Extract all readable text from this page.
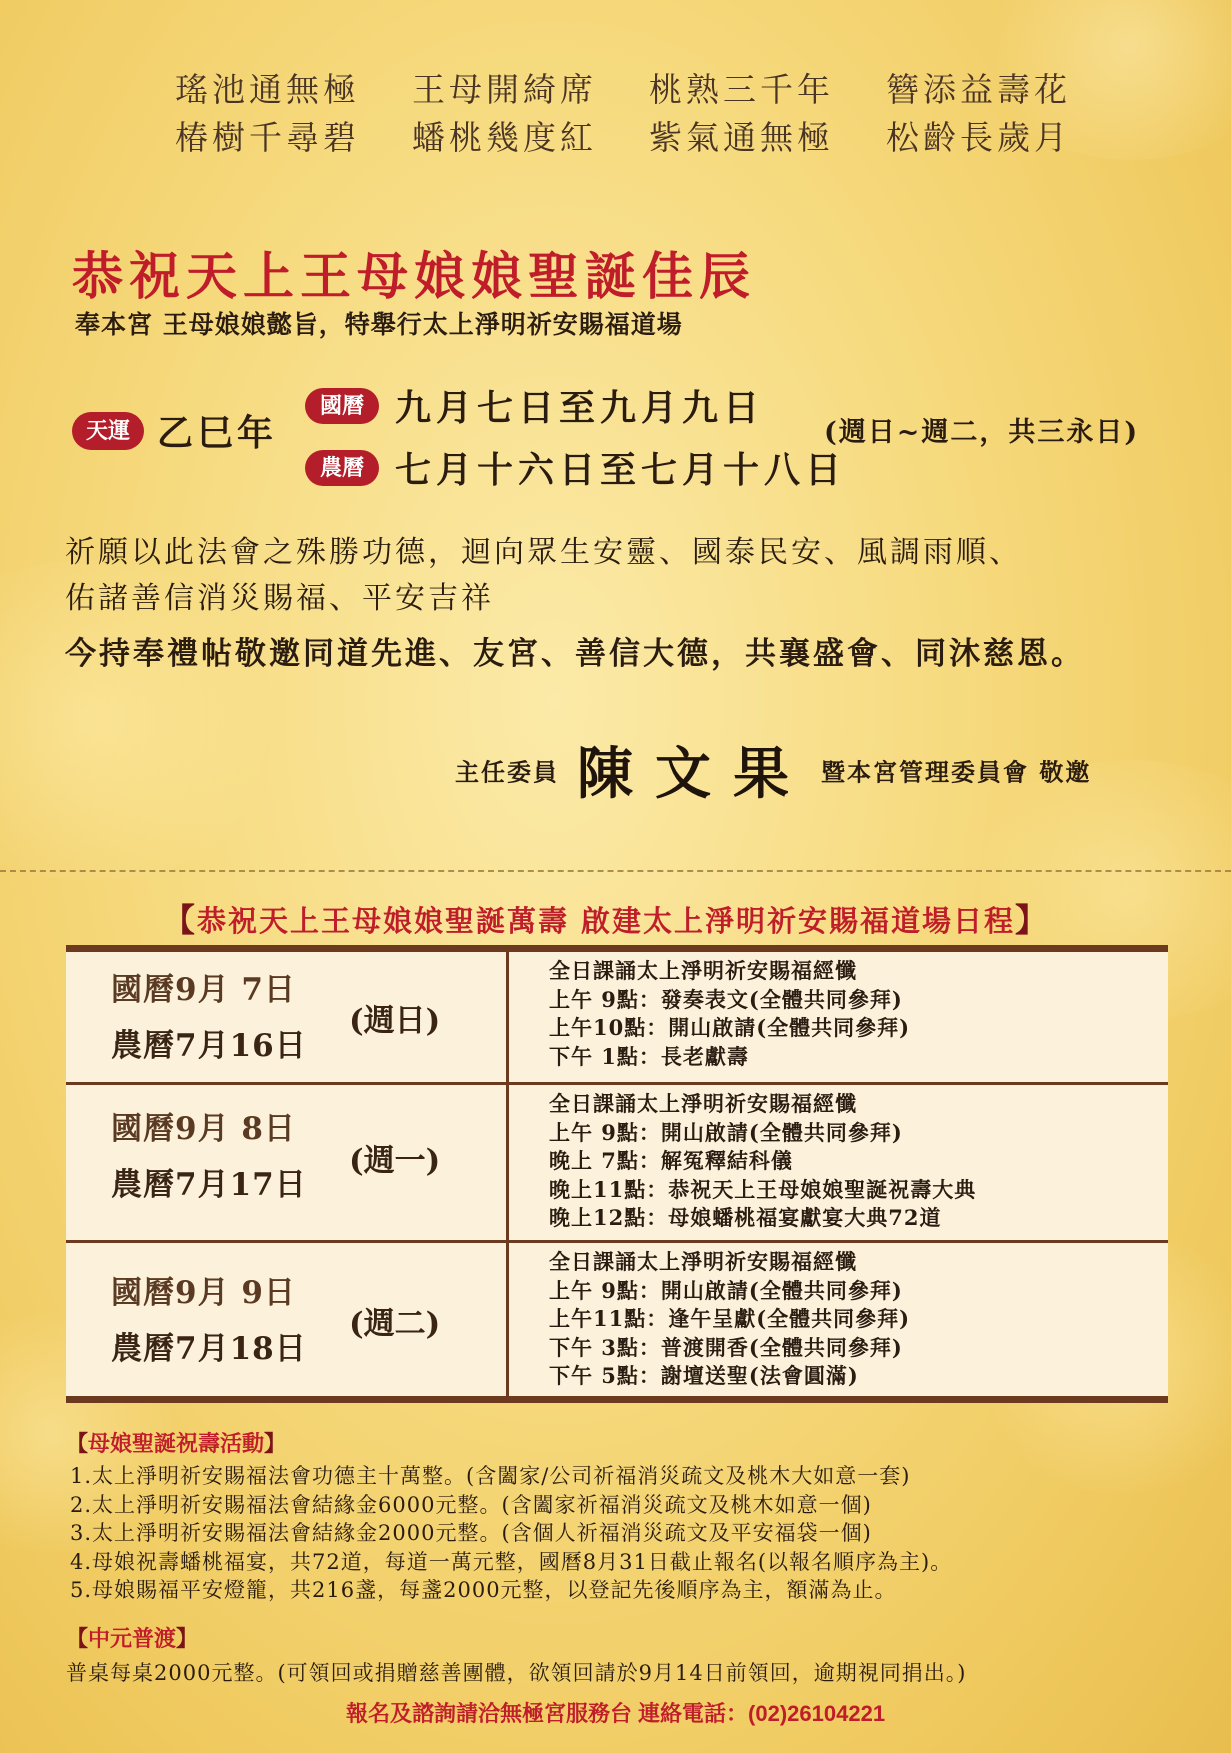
瑤池通無極 王母開綺席 桃熟三千年 簪添益壽花
椿樹千尋碧 蟠桃幾度紅 紫氣通無極 松齡長歲月
恭祝天上王母娘娘聖誕佳辰
奉本宮 王母娘娘懿旨，特舉行太上淨明祈安賜福道場
天運 乙巳年
國曆 九月七日至九月九日
農曆 七月十六日至七月十八日
(週日~週二，共三永日)
祈願以此法會之殊勝功德，迴向眾生安靈、國泰民安、風調雨順、
佑諸善信消災賜福、平安吉祥
今持奉禮帖敬邀同道先進、友宮、善信大德，共襄盛會、同沐慈恩。
主任委員 陳文果 暨本宮管理委員會 敬邀
【恭祝天上王母娘娘聖誕萬壽 啟建太上淨明祈安賜福道場日程】
國曆9月 7日
農曆7月16日
(週日)
全日課誦太上淨明祈安賜福經懺
上午 9點：發奏表文(全體共同參拜)
上午10點：開山啟請(全體共同參拜)
下午 1點：長老獻壽
國曆9月 8日
農曆7月17日
(週一)
全日課誦太上淨明祈安賜福經懺
上午 9點：開山啟請(全體共同參拜)
晚上 7點：解冤釋結科儀
晚上11點：恭祝天上王母娘娘聖誕祝壽大典
晚上12點：母娘蟠桃福宴獻宴大典72道
國曆9月 9日
農曆7月18日
(週二)
全日課誦太上淨明祈安賜福經懺
上午 9點：開山啟請(全體共同參拜)
上午11點：逢午呈獻(全體共同參拜)
下午 3點：普渡開香(全體共同參拜)
下午 5點：謝壇送聖(法會圓滿)
【母娘聖誕祝壽活動】
1.太上淨明祈安賜福法會功德主十萬整。(含闔家/公司祈福消災疏文及桃木大如意一套)
2.太上淨明祈安賜福法會結緣金6000元整。(含闔家祈福消災疏文及桃木如意一個)
3.太上淨明祈安賜福法會結緣金2000元整。(含個人祈福消災疏文及平安福袋一個)
4.母娘祝壽蟠桃福宴，共72道，每道一萬元整，國曆8月31日截止報名(以報名順序為主)。
5.母娘賜福平安燈籠，共216盞，每盞2000元整，以登記先後順序為主，額滿為止。
【中元普渡】
普桌每桌2000元整。(可領回或捐贈慈善團體，欲領回請於9月14日前領回，逾期視同捐出。)
報名及諮詢請洽無極宮服務台 連絡電話：(02)26104221
